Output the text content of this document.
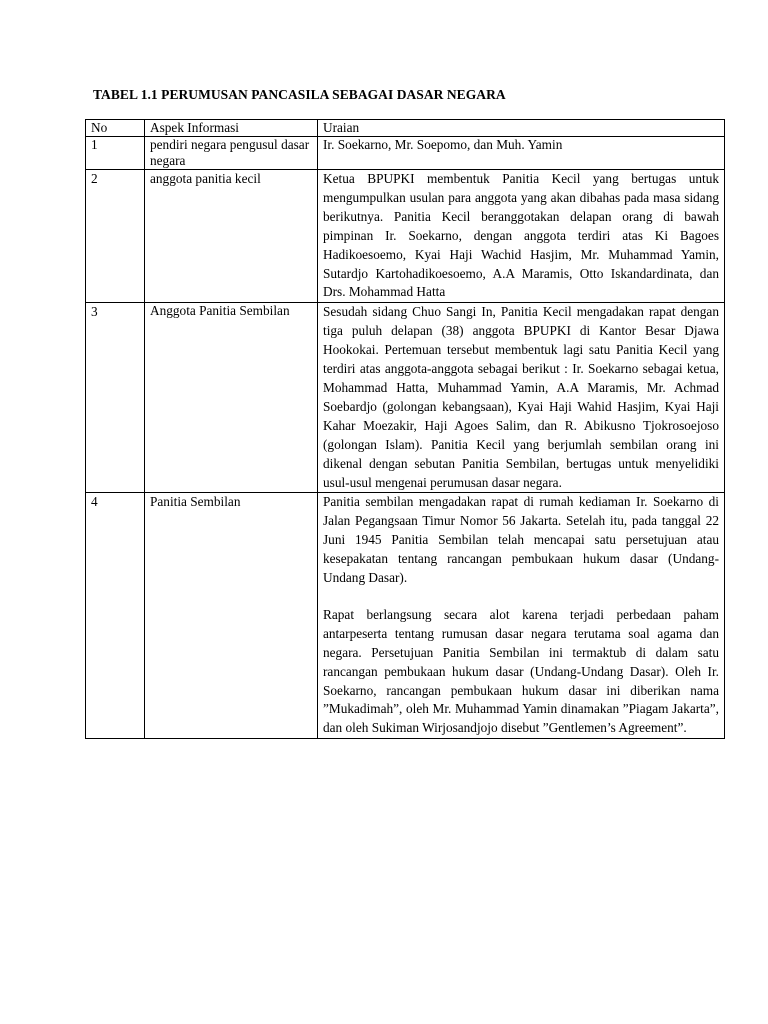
TABEL 1.1 PERUMUSAN PANCASILA SEBAGAI DASAR NEGARA
No	Aspek Informasi	Uraian
1	pendiri negara pengusul dasar negara	Ir. Soekarno, Mr. Soepomo, dan Muh. Yamin

2	anggota panitia kecil	Ketua BPUPKI membentuk Panitia Kecil yang bertugas untuk mengumpulkan usulan para anggota yang akan dibahas pada masa sidang berikutnya. Panitia Kecil beranggotakan delapan orang di bawah pimpinan Ir. Soekarno, dengan anggota terdiri atas Ki Bagoes Hadikoesoemo, Kyai Haji Wachid Hasjim, Mr. Muhammad Yamin, Sutardjo Kartohadikoesoemo, A.A Maramis, Otto Iskandardinata, dan Drs. Mohammad Hatta

3	Anggota Panitia Sembilan	Sesudah sidang Chuo Sangi In, Panitia Kecil mengadakan rapat dengan tiga puluh delapan (38) anggota BPUPKI di Kantor Besar Djawa Hookokai. Pertemuan tersebut membentuk lagi satu Panitia Kecil yang terdiri atas anggota-anggota sebagai berikut : Ir. Soekarno sebagai ketua, Mohammad Hatta, Muhammad Yamin, A.A Maramis, Mr. Achmad Soebardjo (golongan kebangsaan), Kyai Haji Wahid Hasjim, Kyai Haji Kahar Moezakir, Haji Agoes Salim, dan R. Abikusno Tjokrosoejoso (golongan Islam). Panitia Kecil yang berjumlah sembilan orang ini dikenal dengan sebutan Panitia Sembilan, bertugas untuk menyelidiki usul-usul mengenai perumusan dasar negara.

4	Panitia Sembilan	Panitia sembilan mengadakan rapat di rumah kediaman Ir. Soekarno di Jalan Pegangsaan Timur Nomor 56 Jakarta. Setelah itu, pada tanggal 22 Juni 1945 Panitia Sembilan telah mencapai satu persetujuan atau kesepakatan tentang rancangan pembukaan hukum dasar (Undang-Undang Dasar).

Rapat berlangsung secara alot karena terjadi perbedaan paham antarpeserta tentang rumusan dasar negara terutama soal agama dan negara. Persetujuan Panitia Sembilan ini termaktub di dalam satu rancangan pembukaan hukum dasar (Undang-Undang Dasar). Oleh Ir. Soekarno, rancangan pembukaan hukum dasar ini diberikan nama ”Mukadimah”, oleh Mr. Muhammad Yamin dinamakan ”Piagam Jakarta”, dan oleh Sukiman Wirjosandjojo disebut ”Gentlemen’s Agreement”.
